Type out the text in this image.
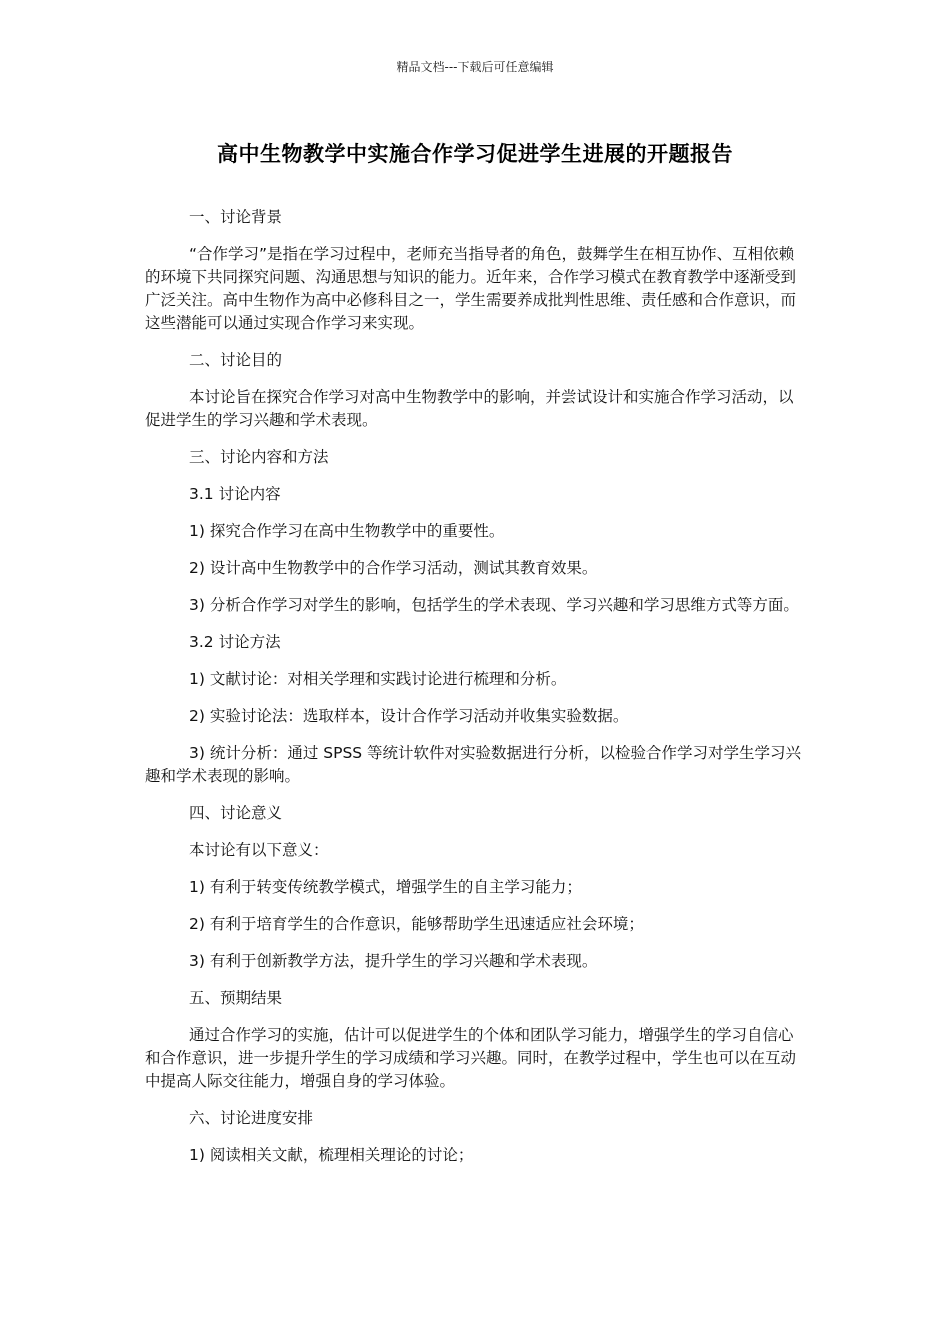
精品文档---下载后可任意编辑
高中生物教学中实施合作学习促进学生进展的开题报告

一、讨论背景

“合作学习”是指在学习过程中，老师充当指导者的角色，鼓舞学生在相互协作、互相依赖的环境下共同探究问题、沟通思想与知识的能力。近年来，合作学习模式在教育教学中逐渐受到广泛关注。高中生物作为高中必修科目之一，学生需要养成批判性思维、责任感和合作意识，而这些潜能可以通过实现合作学习来实现。

二、讨论目的

本讨论旨在探究合作学习对高中生物教学中的影响，并尝试设计和实施合作学习活动，以促进学生的学习兴趣和学术表现。

三、讨论内容和方法

3.1 讨论内容

1) 探究合作学习在高中生物教学中的重要性。

2) 设计高中生物教学中的合作学习活动，测试其教育效果。

3) 分析合作学习对学生的影响，包括学生的学术表现、学习兴趣和学习思维方式等方面。

3.2 讨论方法

1) 文献讨论：对相关学理和实践讨论进行梳理和分析。

2) 实验讨论法：选取样本，设计合作学习活动并收集实验数据。

3) 统计分析：通过 SPSS 等统计软件对实验数据进行分析，以检验合作学习对学生学习兴趣和学术表现的影响。

四、讨论意义

本讨论有以下意义：

1) 有利于转变传统教学模式，增强学生的自主学习能力；

2) 有利于培育学生的合作意识，能够帮助学生迅速适应社会环境；

3) 有利于创新教学方法，提升学生的学习兴趣和学术表现。

五、预期结果

通过合作学习的实施，估计可以促进学生的个体和团队学习能力，增强学生的学习自信心和合作意识，进一步提升学生的学习成绩和学习兴趣。同时，在教学过程中，学生也可以在互动中提高人际交往能力，增强自身的学习体验。

六、讨论进度安排

1) 阅读相关文献，梳理相关理论的讨论；
